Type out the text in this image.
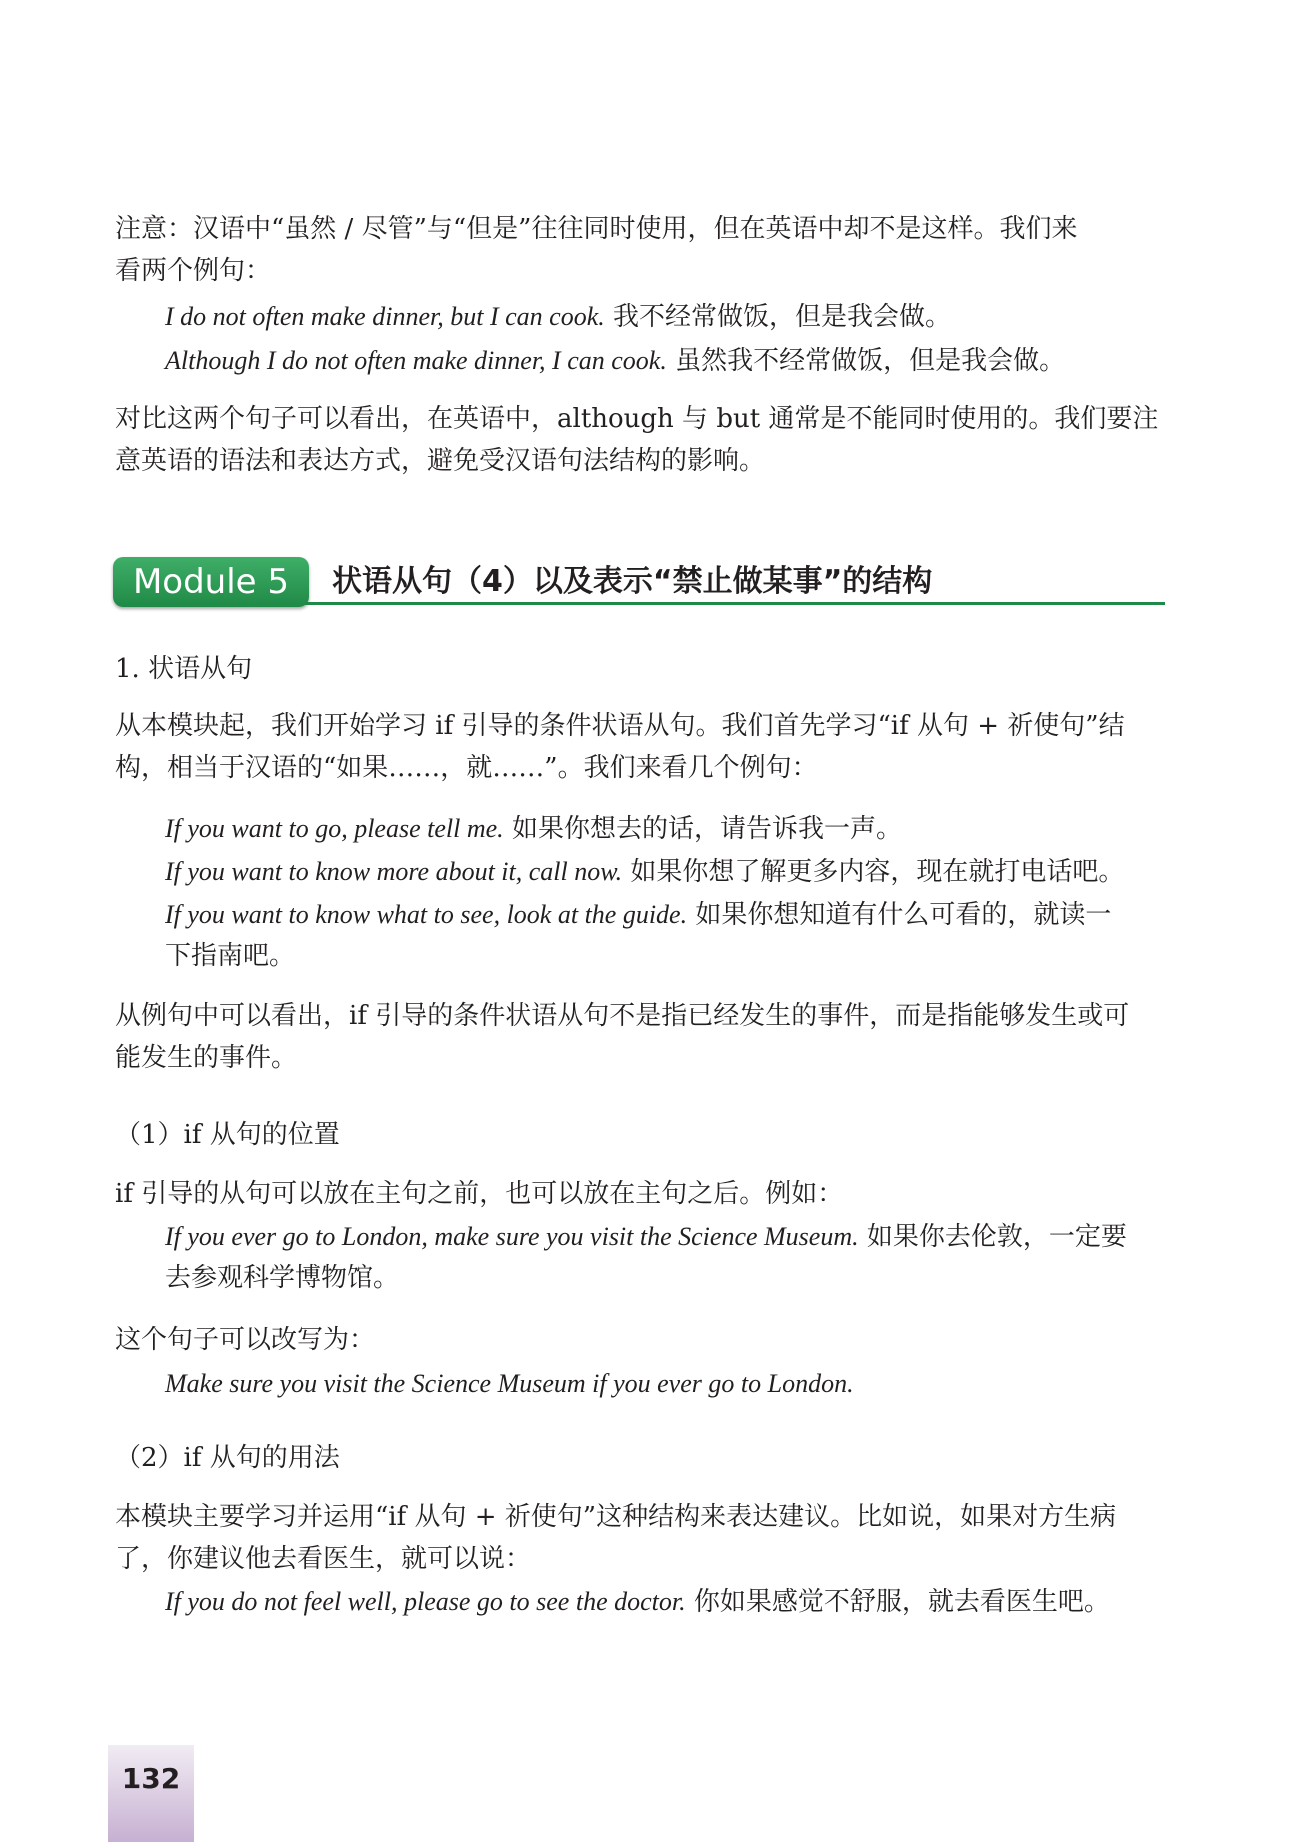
注意：汉语中“虽然 / 尽管”与“但是”往往同时使用，但在英语中却不是这样。我们来
看两个例句：
I do not often make dinner, but I can cook. 我不经常做饭，但是我会做。
Although I do not often make dinner, I can cook. 虽然我不经常做饭，但是我会做。
对比这两个句子可以看出，在英语中，although 与 but 通常是不能同时使用的。我们要注
意英语的语法和表达方式，避免受汉语句法结构的影响。
Module 5	状语从句（4）以及表示“禁止做某事”的结构
1. 状语从句
从本模块起，我们开始学习 if 引导的条件状语从句。我们首先学习“if 从句 + 祈使句”结
构，相当于汉语的“如果……，就……”。我们来看几个例句：
If you want to go, please tell me. 如果你想去的话，请告诉我一声。
If you want to know more about it, call now. 如果你想了解更多内容，现在就打电话吧。
If you want to know what to see, look at the guide. 如果你想知道有什么可看的，就读一
下指南吧。
从例句中可以看出，if 引导的条件状语从句不是指已经发生的事件，而是指能够发生或可
能发生的事件。
（1）if 从句的位置
if 引导的从句可以放在主句之前，也可以放在主句之后。例如：
If you ever go to London, make sure you visit the Science Museum. 如果你去伦敦，一定要
去参观科学博物馆。
这个句子可以改写为：
Make sure you visit the Science Museum if you ever go to London.
（2）if 从句的用法
本模块主要学习并运用“if 从句 + 祈使句”这种结构来表达建议。比如说，如果对方生病
了，你建议他去看医生，就可以说：
If you do not feel well, please go to see the doctor. 你如果感觉不舒服，就去看医生吧。
132
